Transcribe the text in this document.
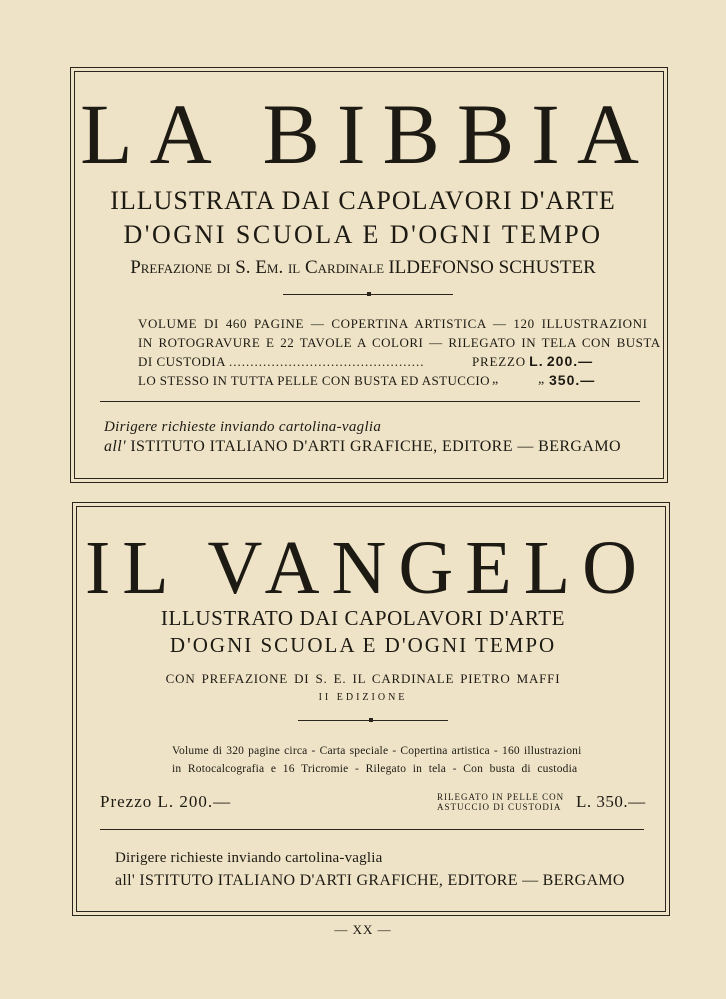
LA BIBBIA
ILLUSTRATA DAI CAPOLAVORI D'ARTE
D'OGNI SCUOLA E D'OGNI TEMPO
Prefazione di S. Em. il Cardinale ILDEFONSO SCHUSTER
VOLUME DI 460 PAGINE — COPERTINA ARTISTICA — 120 ILLUSTRAZIONI
IN ROTOGRAVURE E 22 TAVOLE A COLORI — RILEGATO IN TELA CON BUSTA
DI CUSTODIA ..............................................	PREZZO L. 200.—
LO STESSO IN TUTTA PELLE CON BUSTA ED ASTUCCIO „	„ 350.—
Dirigere richieste inviando cartolina-vaglia
all' ISTITUTO ITALIANO D'ARTI GRAFICHE, EDITORE — BERGAMO
IL VANGELO
ILLUSTRATO DAI CAPOLAVORI D'ARTE
D'OGNI SCUOLA E D'OGNI TEMPO
CON PREFAZIONE DI S. E. IL CARDINALE PIETRO MAFFI
II EDIZIONE
Volume di 320 pagine circa - Carta speciale - Copertina artistica - 160 illustrazioni
in Rotocalcografia e 16 Tricromie - Rilegato in tela - Con busta di custodia
Prezzo L. 200.—	RILEGATO IN PELLE CON
ASTUCCIO DI CUSTODIA L. 350.—
Dirigere richieste inviando cartolina-vaglia
all' ISTITUTO ITALIANO D'ARTI GRAFICHE, EDITORE — BERGAMO
— XX —
